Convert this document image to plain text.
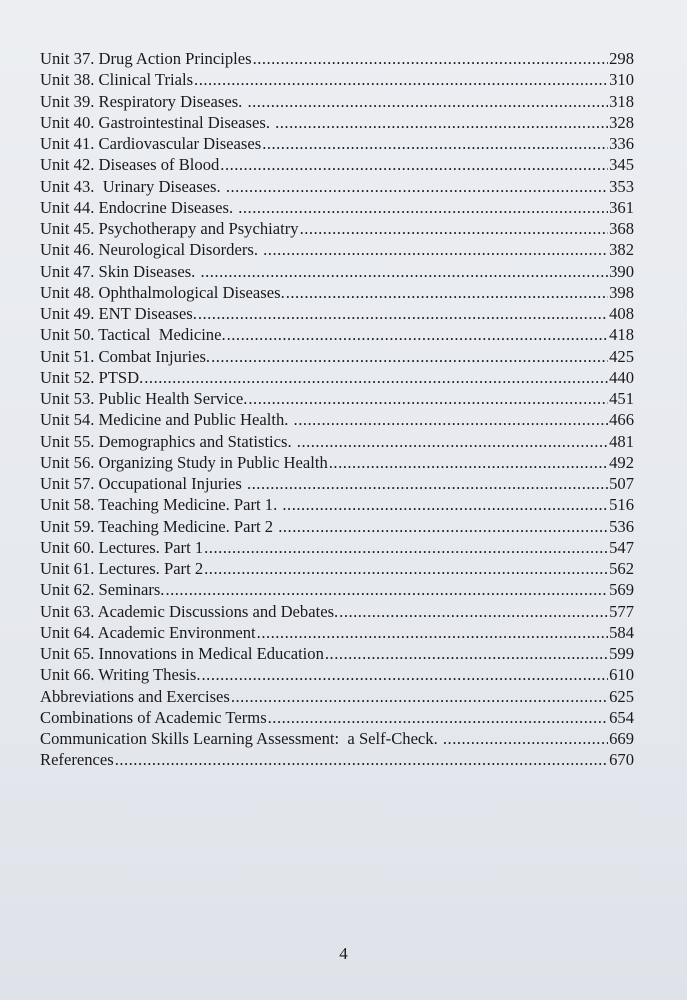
Unit 37. Drug Action Principles .....	298
Unit 38. Clinical Trials .....	310
Unit 39. Respiratory Diseases. .....	318
Unit 40. Gastrointestinal Diseases. .....	328
Unit 41. Cardiovascular Diseases .....	336
Unit 42. Diseases of Blood .....	345
Unit 43.  Urinary Diseases. .....	353
Unit 44. Endocrine Diseases. .....	361
Unit 45. Psychotherapy and Psychiatry .....	368
Unit 46. Neurological Disorders. .....	382
Unit 47. Skin Diseases. .....	390
Unit 48. Ophthalmological Diseases. .....	398
Unit 49. ENT Diseases. .....	408
Unit 50. Tactical  Medicine. .....	418
Unit 51. Combat Injuries. .....	425
Unit 52. PTSD. .....	440
Unit 53. Public Health Service. .....	451
Unit 54. Medicine and Public Health. .....	466
Unit 55. Demographics and Statistics. .....	481
Unit 56. Organizing Study in Public Health .....	492
Unit 57. Occupational Injuries .....	507
Unit 58. Teaching Medicine. Part 1. .....	516
Unit 59. Teaching Medicine. Part 2 .....	536
Unit 60. Lectures. Part 1 .....	547
Unit 61. Lectures. Part 2 .....	562
Unit 62. Seminars. .....	569
Unit 63. Academic Discussions and Debates. .....	577
Unit 64. Academic Environment .....	584
Unit 65. Innovations in Medical Education .....	599
Unit 66. Writing Thesis. .....	610
Abbreviations and Exercises .....	625
Combinations of Academic Terms .....	654
Communication Skills Learning Assessment:  a Self-Check. .....	669
References .....	670
4
